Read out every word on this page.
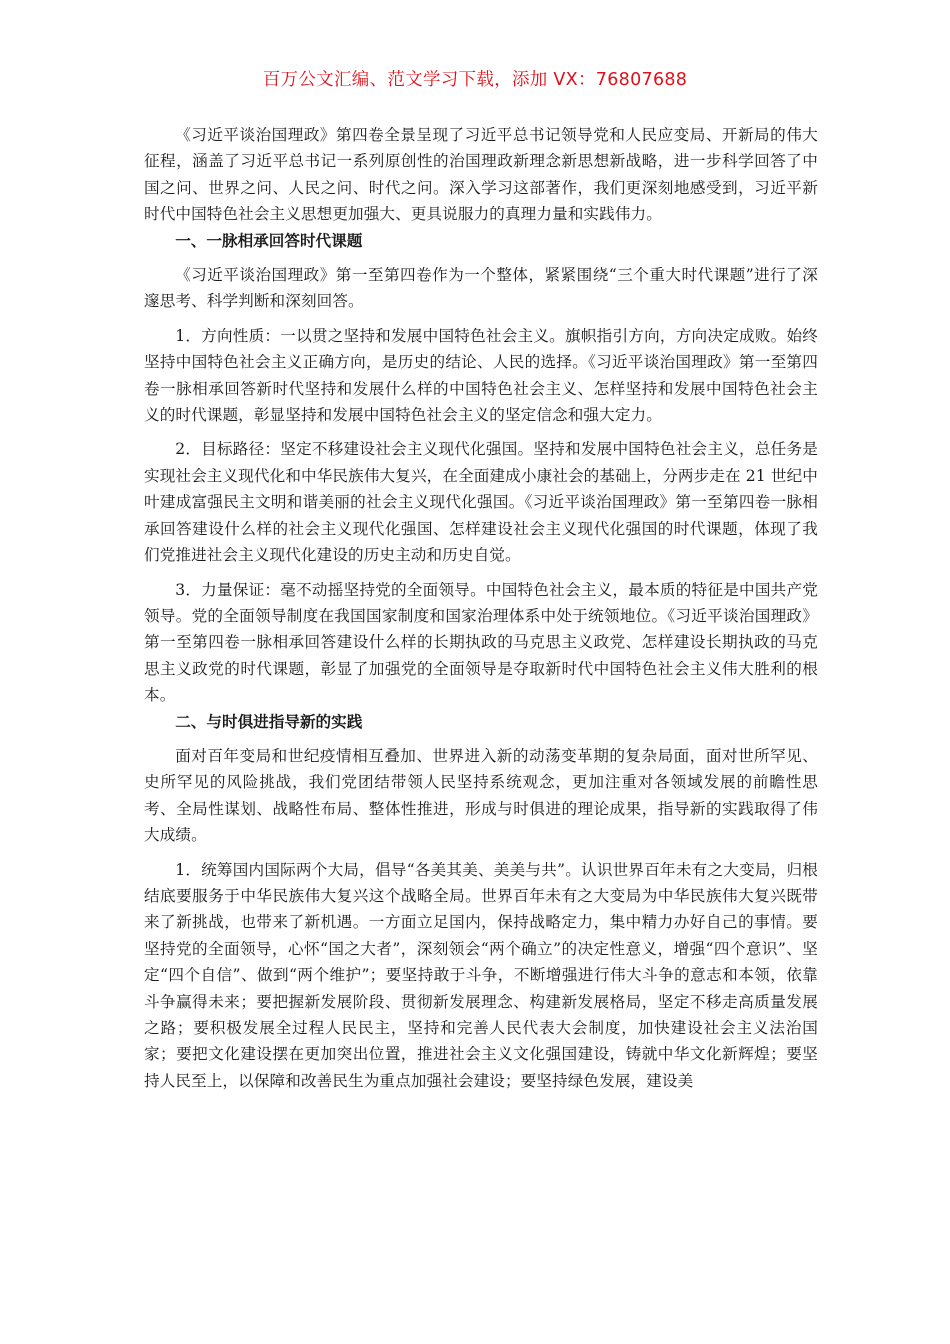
百万公文汇编、范文学习下载，添加 VX：76807688

《习近平谈治国理政》第四卷全景呈现了习近平总书记领导党和人民应变局、开新局的伟大征程，涵盖了习近平总书记一系列原创性的治国理政新理念新思想新战略，进一步科学回答了中国之问、世界之问、人民之问、时代之问。深入学习这部著作，我们更深刻地感受到，习近平新时代中国特色社会主义思想更加强大、更具说服力的真理力量和实践伟力。

一、一脉相承回答时代课题

《习近平谈治国理政》第一至第四卷作为一个整体，紧紧围绕“三个重大时代课题”进行了深邃思考、科学判断和深刻回答。

1．方向性质：一以贯之坚持和发展中国特色社会主义。旗帜指引方向，方向决定成败。始终坚持中国特色社会主义正确方向，是历史的结论、人民的选择。《习近平谈治国理政》第一至第四卷一脉相承回答新时代坚持和发展什么样的中国特色社会主义、怎样坚持和发展中国特色社会主义的时代课题，彰显坚持和发展中国特色社会主义的坚定信念和强大定力。

2．目标路径：坚定不移建设社会主义现代化强国。坚持和发展中国特色社会主义，总任务是实现社会主义现代化和中华民族伟大复兴，在全面建成小康社会的基础上，分两步走在 21 世纪中叶建成富强民主文明和谐美丽的社会主义现代化强国。《习近平谈治国理政》第一至第四卷一脉相承回答建设什么样的社会主义现代化强国、怎样建设社会主义现代化强国的时代课题，体现了我们党推进社会主义现代化建设的历史主动和历史自觉。

3．力量保证：毫不动摇坚持党的全面领导。中国特色社会主义，最本质的特征是中国共产党领导。党的全面领导制度在我国国家制度和国家治理体系中处于统领地位。《习近平谈治国理政》第一至第四卷一脉相承回答建设什么样的长期执政的马克思主义政党、怎样建设长期执政的马克思主义政党的时代课题，彰显了加强党的全面领导是夺取新时代中国特色社会主义伟大胜利的根本。

二、与时俱进指导新的实践

面对百年变局和世纪疫情相互叠加、世界进入新的动荡变革期的复杂局面，面对世所罕见、史所罕见的风险挑战，我们党团结带领人民坚持系统观念，更加注重对各领域发展的前瞻性思考、全局性谋划、战略性布局、整体性推进，形成与时俱进的理论成果，指导新的实践取得了伟大成绩。

1．统筹国内国际两个大局，倡导“各美其美、美美与共”。认识世界百年未有之大变局，归根结底要服务于中华民族伟大复兴这个战略全局。世界百年未有之大变局为中华民族伟大复兴既带来了新挑战，也带来了新机遇。一方面立足国内，保持战略定力，集中精力办好自己的事情。要坚持党的全面领导，心怀“国之大者”，深刻领会“两个确立”的决定性意义，增强“四个意识”、坚定“四个自信”、做到“两个维护”；要坚持敢于斗争，不断增强进行伟大斗争的意志和本领，依靠斗争赢得未来；要把握新发展阶段、贯彻新发展理念、构建新发展格局，坚定不移走高质量发展之路；要积极发展全过程人民民主，坚持和完善人民代表大会制度，加快建设社会主义法治国家；要把文化建设摆在更加突出位置，推进社会主义文化强国建设，铸就中华文化新辉煌；要坚持人民至上，以保障和改善民生为重点加强社会建设；要坚持绿色发展，建设美
